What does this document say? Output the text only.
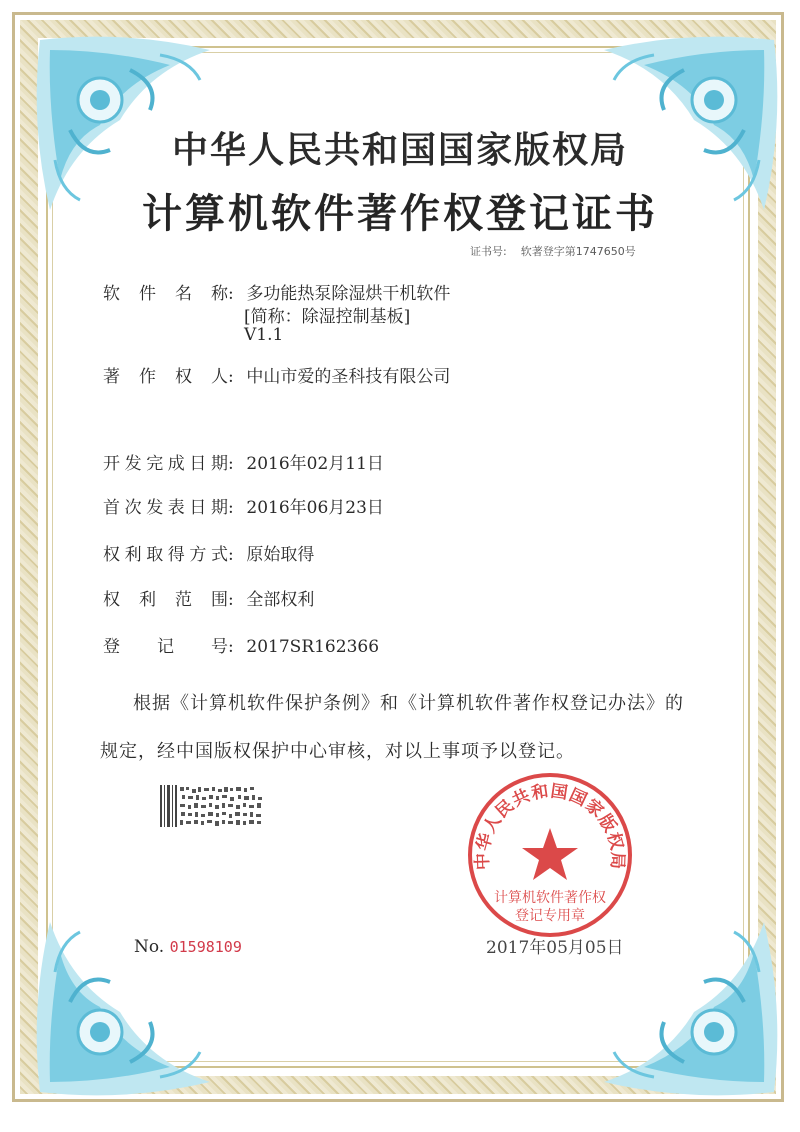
中华人民共和国国家版权局
计算机软件著作权登记证书
证书号: 软著登字第1747650号
软件名称: 多功能热泵除湿烘干机软件
[简称：除湿控制基板]
V1.1
著作权人: 中山市爱的圣科技有限公司
开发完成日期: 2016年02月11日
首次发表日期: 2016年06月23日
权利取得方式: 原始取得
权利范围: 全部权利
登记号: 2017SR162366
根据《计算机软件保护条例》和《计算机软件著作权登记办法》的
规定，经中国版权保护中心审核，对以上事项予以登记。
中华人民共和国国家版权局
计算机软件著作权
登记专用章
No. 01598109	2017年05月05日
